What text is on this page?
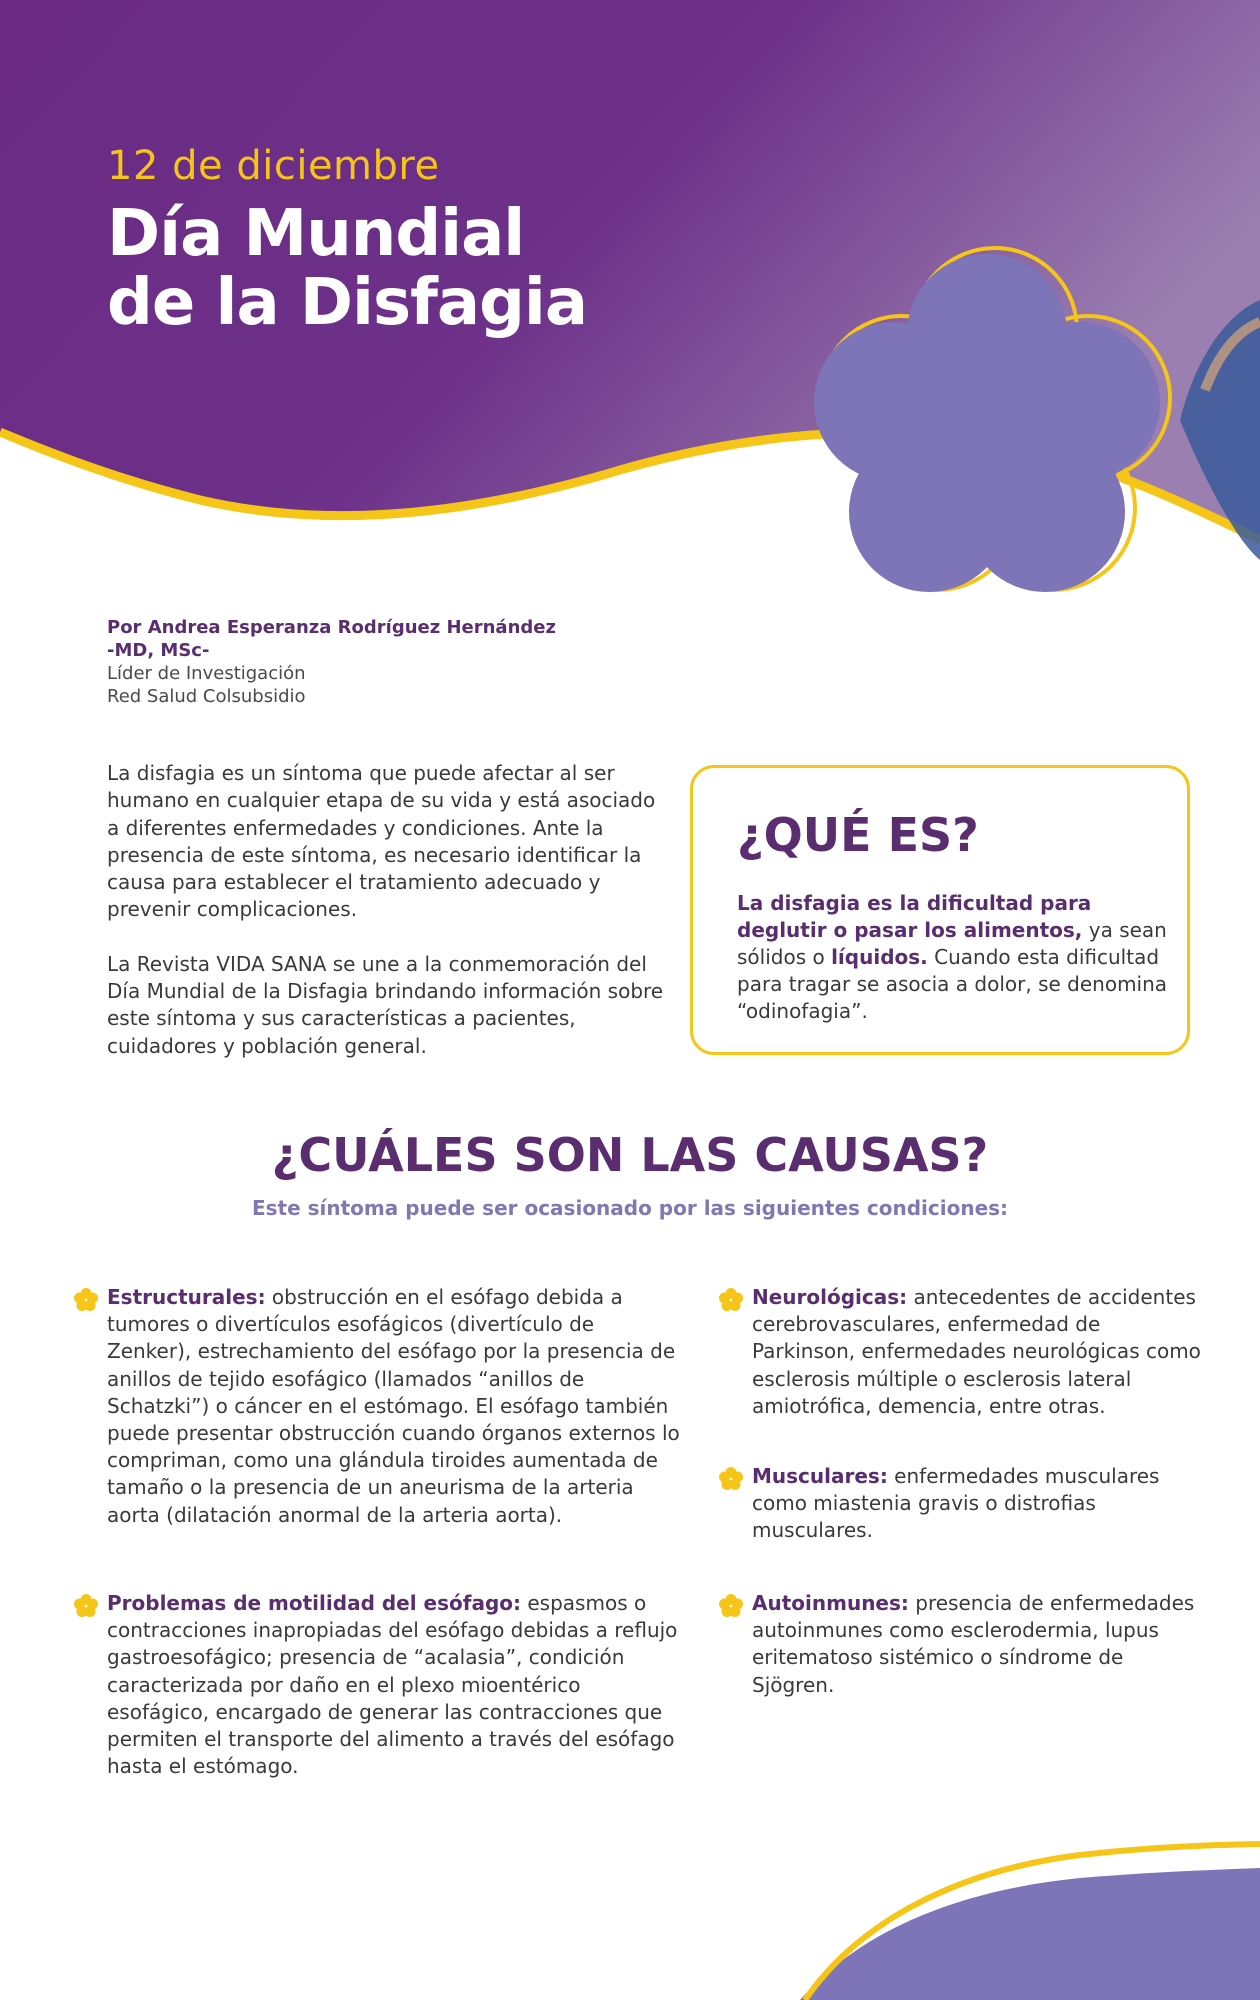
12 de diciembre
Día Mundial
de la Disfagia
Por Andrea Esperanza Rodríguez Hernández
-MD, MSc-
Líder de Investigación
Red Salud Colsubsidio

La disfagia es un síntoma que puede afectar al ser humano en cualquier etapa de su vida y está asociado a diferentes enfermedades y condiciones. Ante la presencia de este síntoma, es necesario identificar la causa para establecer el tratamiento adecuado y prevenir complicaciones.

La Revista VIDA SANA se une a la conmemoración del Día Mundial de la Disfagia brindando información sobre este síntoma y sus características a pacientes, cuidadores y población general.

¿QUÉ ES?

La disfagia es la dificultad para deglutir o pasar los alimentos, ya sean sólidos o líquidos. Cuando esta dificultad para tragar se asocia a dolor, se denomina “odinofagia”.

¿CUÁLES SON LAS CAUSAS?
Este síntoma puede ser ocasionado por las siguientes condiciones:
Estructurales: obstrucción en el esófago debida a tumores o divertículos esofágicos (divertículo de Zenker), estrechamiento del esófago por la presencia de anillos de tejido esofágico (llamados “anillos de Schatzki”) o cáncer en el estómago. El esófago también puede presentar obstrucción cuando órganos externos lo compriman, como una glándula tiroides aumentada de tamaño o la presencia de un aneurisma de la arteria aorta (dilatación anormal de la arteria aorta).
Problemas de motilidad del esófago: espasmos o contracciones inapropiadas del esófago debidas a reflujo gastroesofágico; presencia de “acalasia”, condición caracterizada por daño en el plexo mioentérico esofágico, encargado de generar las contracciones que permiten el transporte del alimento a través del esófago hasta el estómago.
Neurológicas: antecedentes de accidentes cerebrovasculares, enfermedad de Parkinson, enfermedades neurológicas como esclerosis múltiple o esclerosis lateral amiotrófica, demencia, entre otras.
Musculares: enfermedades musculares como miastenia gravis o distrofias musculares.
Autoinmunes: presencia de enfermedades autoinmunes como esclerodermia, lupus eritematoso sistémico o síndrome de Sjögren.
